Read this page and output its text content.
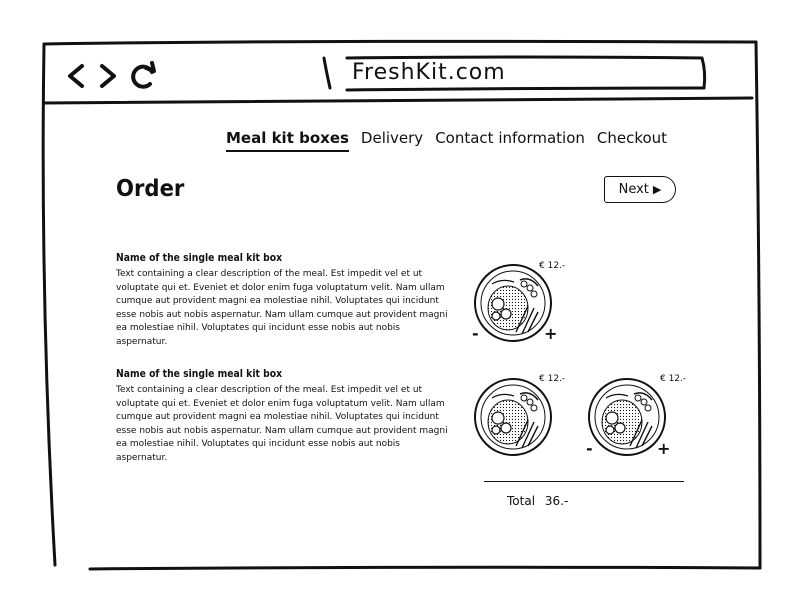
FreshKit.com
Meal kit boxes Delivery Contact information Checkout
Order	Next ▶
Name of the single meal kit box
Text containing a clear description of the meal. Est impedit vel et ut voluptate qui et. Eveniet et dolor enim fuga voluptatum velit. Nam ullam cumque aut provident magni ea molestiae nihil. Voluptates qui incidunt esse nobis aut nobis aspernatur. Nam ullam cumque aut provident magni ea molestiae nihil. Voluptates qui incidunt esse nobis aut nobis aspernatur.
Name of the single meal kit box
Text containing a clear description of the meal. Est impedit vel et ut voluptate qui et. Eveniet et dolor enim fuga voluptatum velit. Nam ullam cumque aut provident magni ea molestiae nihil. Voluptates qui incidunt esse nobis aut nobis aspernatur. Nam ullam cumque aut provident magni ea molestiae nihil. Voluptates qui incidunt esse nobis aut nobis aspernatur.
€ 12.-
-	+
€ 12.-	€ 12.-
-	+
Total 36.-
